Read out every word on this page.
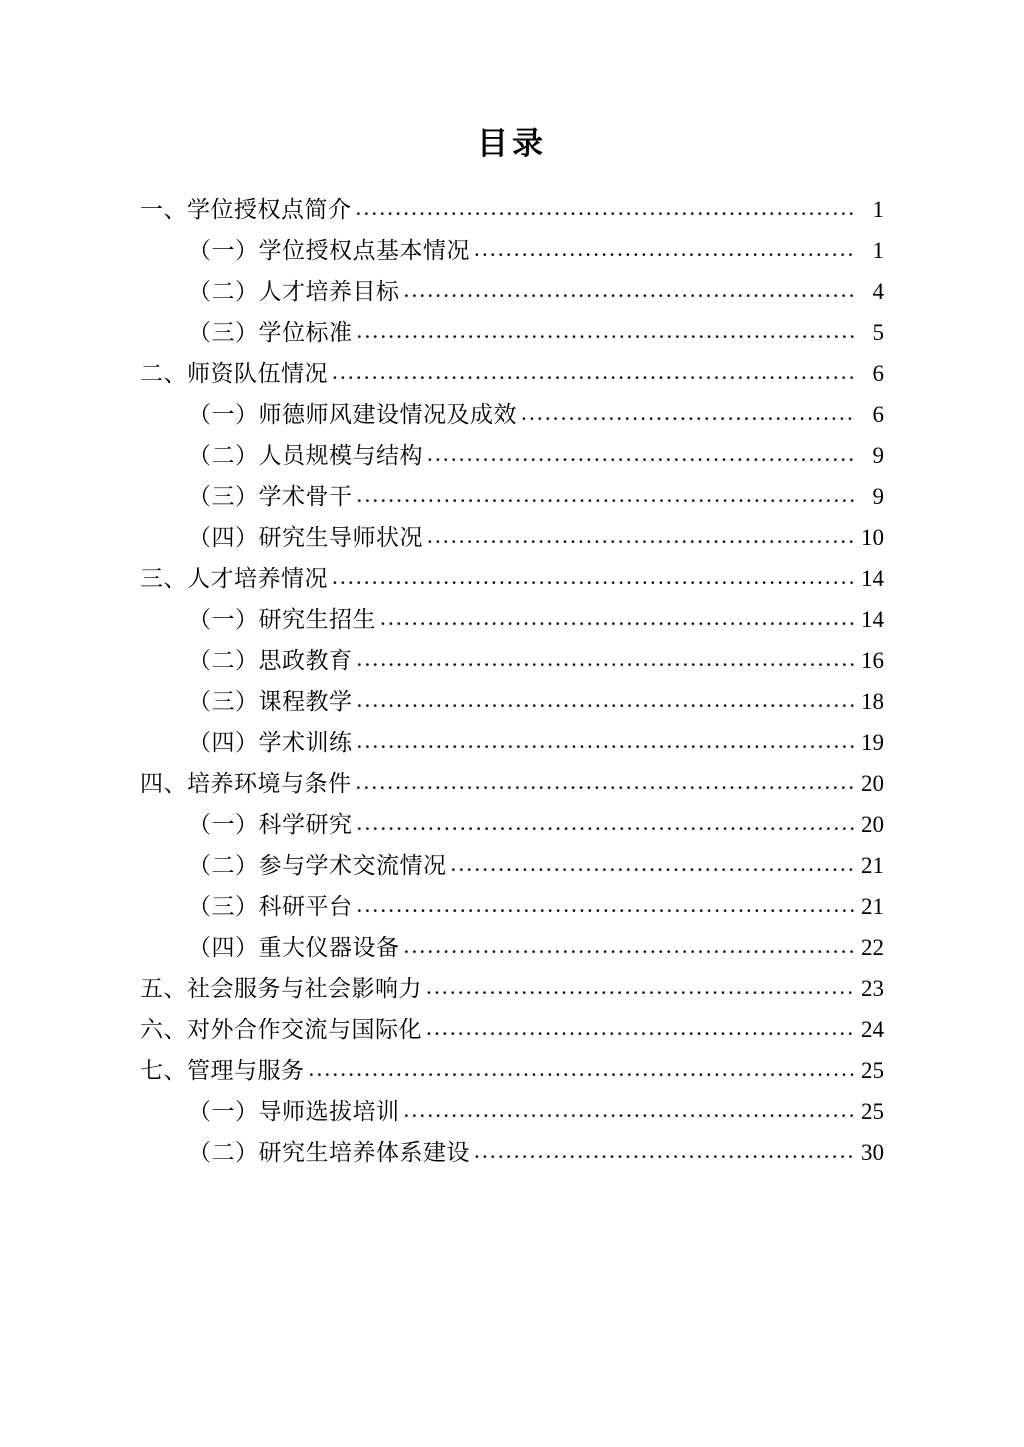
目录
一、学位授权点简介 .....	1
（一）学位授权点基本情况 .....	1
（二）人才培养目标 .....	4
（三）学位标准 .....	5
二、师资队伍情况 .....	6
（一）师德师风建设情况及成效 .....	6
（二）人员规模与结构 .....	9
（三）学术骨干 .....	9
（四）研究生导师状况 .....	10
三、人才培养情况 .....	14
（一）研究生招生 .....	14
（二）思政教育 .....	16
（三）课程教学 .....	18
（四）学术训练 .....	19
四、培养环境与条件 .....	20
（一）科学研究 .....	20
（二）参与学术交流情况 .....	21
（三）科研平台 .....	21
（四）重大仪器设备 .....	22
五、社会服务与社会影响力 .....	23
六、对外合作交流与国际化 .....	24
七、管理与服务 .....	25
（一）导师选拔培训 .....	25
（二）研究生培养体系建设 .....	30
